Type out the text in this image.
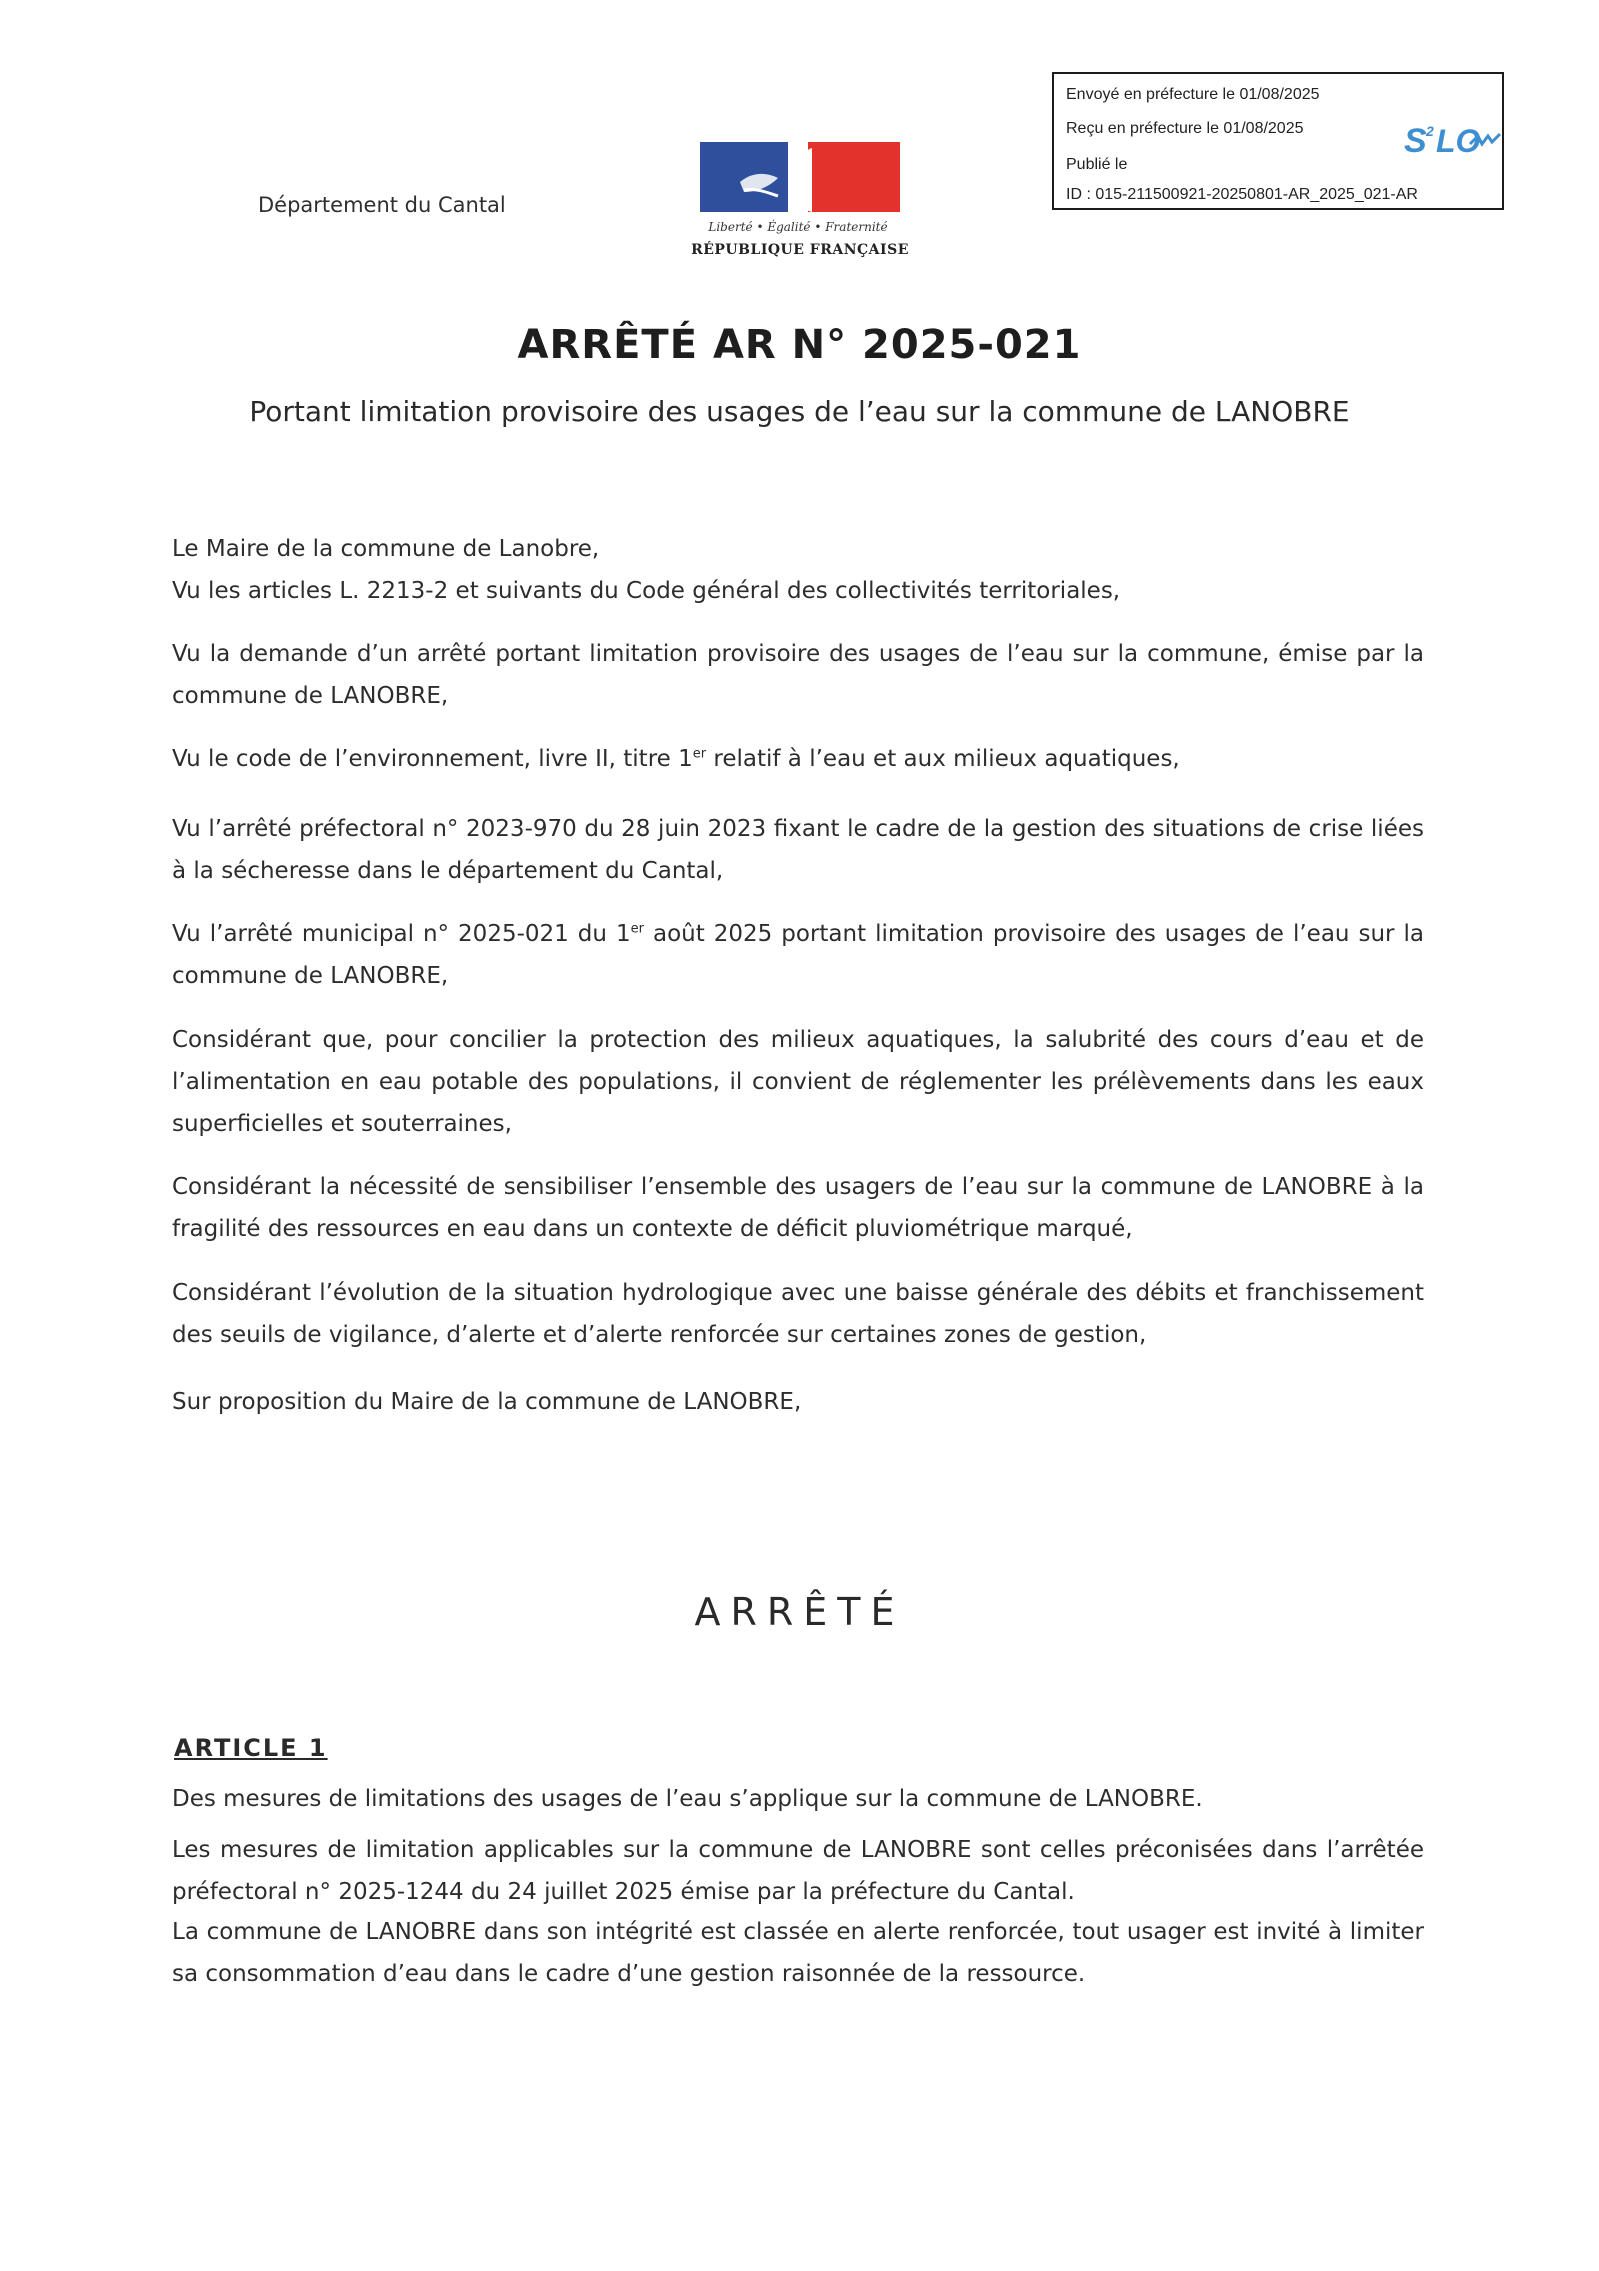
Envoyé en préfecture le 01/08/2025
Reçu en préfecture le 01/08/2025
Publié le
ID : 015-211500921-20250801-AR_2025_021-AR
S 2 LO
Département du Cantal
Liberté • Égalité • Fraternité
RÉPUBLIQUE FRANÇAISE
ARRÊTÉ AR N° 2025-021
Portant limitation provisoire des usages de l’eau sur la commune de LANOBRE
Le Maire de la commune de Lanobre,
Vu les articles L. 2213-2 et suivants du Code général des collectivités territoriales,
Vu la demande d’un arrêté portant limitation provisoire des usages de l’eau sur la commune, émise par la commune de LANOBRE,
Vu le code de l’environnement, livre II, titre 1er relatif à l’eau et aux milieux aquatiques,
Vu l’arrêté préfectoral n° 2023-970 du 28 juin 2023 fixant le cadre de la gestion des situations de crise liées à la sécheresse dans le département du Cantal,
Vu l’arrêté municipal n° 2025-021 du 1er août 2025 portant limitation provisoire des usages de l’eau sur la commune de LANOBRE,
Considérant que, pour concilier la protection des milieux aquatiques, la salubrité des cours d’eau et de l’alimentation en eau potable des populations, il convient de réglementer les prélèvements dans les eaux superficielles et souterraines,
Considérant la nécessité de sensibiliser l’ensemble des usagers de l’eau sur la commune de LANOBRE à la fragilité des ressources en eau dans un contexte de déficit pluviométrique marqué,
Considérant l’évolution de la situation hydrologique avec une baisse générale des débits et franchissement des seuils de vigilance, d’alerte et d’alerte renforcée sur certaines zones de gestion,
Sur proposition du Maire de la commune de LANOBRE,
ARRÊTÉ
ARTICLE 1
Des mesures de limitations des usages de l’eau s’applique sur la commune de LANOBRE.
Les mesures de limitation applicables sur la commune de LANOBRE sont celles préconisées dans l’arrêtée préfectoral n° 2025-1244 du 24 juillet 2025 émise par la préfecture du Cantal.
La commune de LANOBRE dans son intégrité est classée en alerte renforcée, tout usager est invité à limiter sa consommation d’eau dans le cadre d’une gestion raisonnée de la ressource.
